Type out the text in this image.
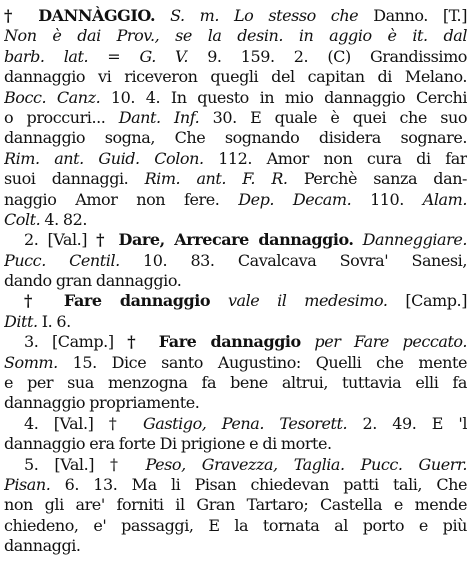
† DANNÀGGIO. S. m. Lo stesso che Danno. [T.]
Non è dai Prov., se la desin. in aggio è it. dal
barb. lat. = G. V. 9. 159. 2. (C) Grandissimo
dannaggio vi riceveron quegli del capitan di Melano.
Bocc. Canz. 10. 4. In questo in mio dannaggio Cerchi
o proccuri... Dant. Inf. 30. E quale è quei che suo
dannaggio sogna, Che sognando disidera sognare.
Rim. ant. Guid. Colon. 112. Amor non cura di far
suoi dannaggi. Rim. ant. F. R. Perchè sanza dan-
naggio Amor non fere. Dep. Decam. 110. Alam.
Colt. 4. 82.
2. [Val.] † Dare, Arrecare dannaggio. Danneggiare.
Pucc. Centil. 10. 83. Cavalcava Sovra' Sanesi,
dando gran dannaggio.
† Fare dannaggio vale il medesimo. [Camp.]
Ditt. I. 6.
3. [Camp.] † Fare dannaggio per Fare peccato.
Somm. 15. Dice santo Augustino: Quelli che mente
e per sua menzogna fa bene altrui, tuttavia elli fa
dannaggio propriamente.
4. [Val.] † Gastigo, Pena. Tesorett. 2. 49. E 'l
dannaggio era forte Di prigione e di morte.
5. [Val.] † Peso, Gravezza, Taglia. Pucc. Guerr.
Pisan. 6. 13. Ma li Pisan chiedevan patti tali, Che
non gli are' forniti il Gran Tartaro; Castella e mende
chiedeno, e' passaggi, E la tornata al porto e più
dannaggi.
